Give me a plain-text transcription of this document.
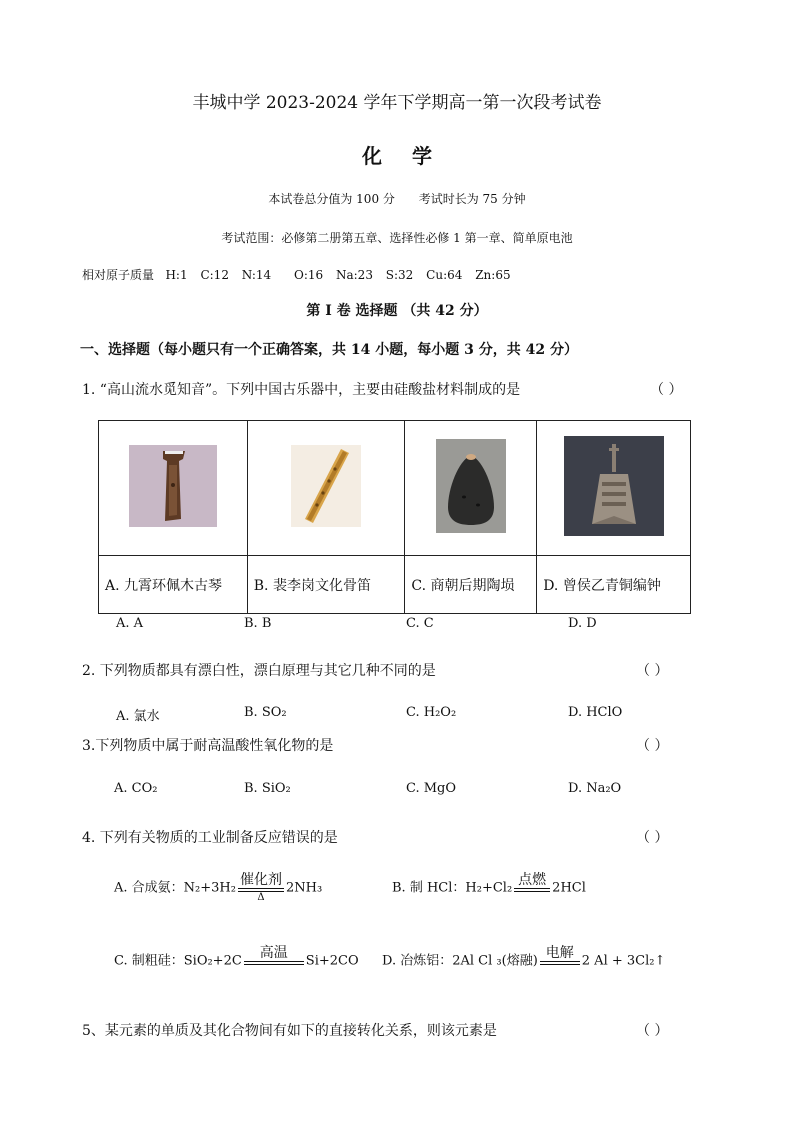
丰城中学 2023-2024 学年下学期高一第一次段考试卷
化学
本试卷总分值为 100 分 考试时长为 75 分钟
考试范围：必修第二册第五章、选择性必修 1 第一章、简单原电池
相对原子质量 H:1 C:12 N:14 O:16 Na:23 S:32 Cu:64 Zn:65
第 I 卷 选择题 （共 42 分）
一、选择题（每小题只有一个正确答案，共 14 小题，每小题 3 分，共 42 分）
1. “高山流水觅知音”。下列中国古乐器中，主要由硅酸盐材料制成的是	（ ）

A. 九霄环佩木古琴	B. 裴李岗文化骨笛	C. 商朝后期陶埙	D. 曾侯乙青铜编钟
A. A	B. B	C. C	D. D
2. 下列物质都具有漂白性，漂白原理与其它几种不同的是	（ ）
A. 氯水	B. SO₂	C. H₂O₂	D. HClO
3.下列物质中属于耐高温酸性氧化物的是	（ ）
A. CO₂	B. SiO₂	C. MgO	D. Na₂O
4. 下列有关物质的工业制备反应错误的是	（ ）
A. 合成氨：N₂+3H₂ 催化剂
Δ
2NH₃	B. 制 HCl：H₂+Cl₂ 点燃
2HCl
C. 制粗硅：SiO₂+2C	高温
	Si+2CO D. 冶炼铝：2Al Cl ₃(熔融) 电解
2 Al + 3Cl₂↑
5、某元素的单质及其化合物间有如下的直接转化关系，则该元素是	（ ）
